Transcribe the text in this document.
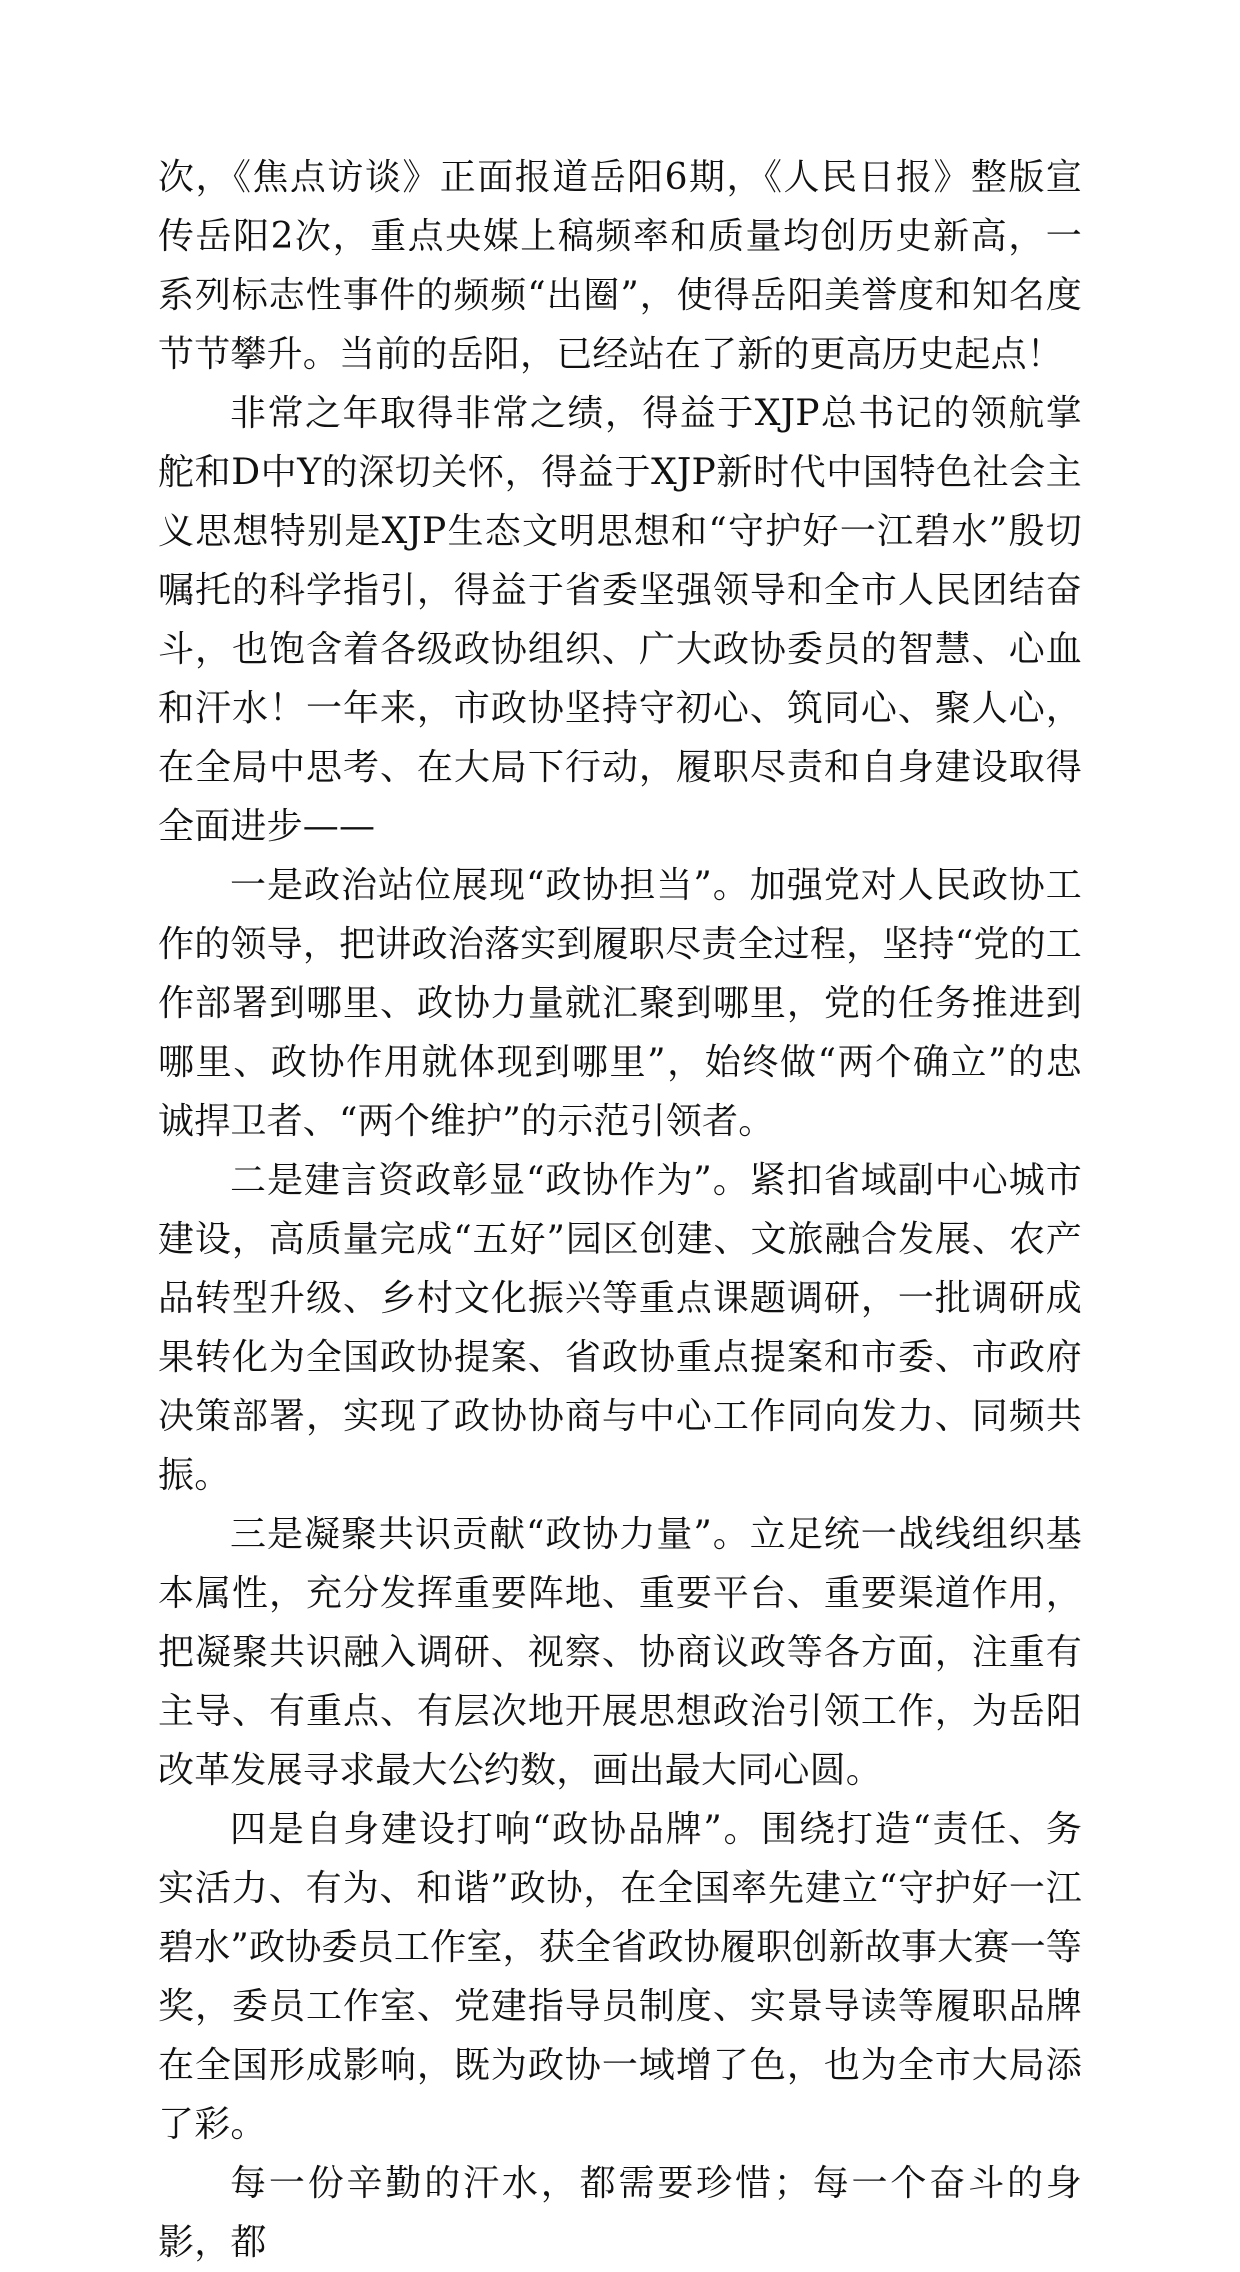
次，《焦点访谈》正面报道岳阳6期，《人民日报》整版宣传岳阳2次，重点央媒上稿频率和质量均创历史新高，一系列标志性事件的频频“出圈”，使得岳阳美誉度和知名度节节攀升。当前的岳阳，已经站在了新的更高历史起点！

非常之年取得非常之绩，得益于XJP总书记的领航掌舵和D中Y的深切关怀，得益于XJP新时代中国特色社会主义思想特别是XJP生态文明思想和“守护好一江碧水”殷切嘱托的科学指引，得益于省委坚强领导和全市人民团结奋斗，也饱含着各级政协组织、广大政协委员的智慧、心血和汗水！一年来，市政协坚持守初心、筑同心、聚人心，在全局中思考、在大局下行动，履职尽责和自身建设取得全面进步——

一是政治站位展现“政协担当”。加强党对人民政协工作的领导，把讲政治落实到履职尽责全过程，坚持“党的工作部署到哪里、政协力量就汇聚到哪里，党的任务推进到哪里、政协作用就体现到哪里”，始终做“两个确立”的忠诚捍卫者、“两个维护”的示范引领者。

二是建言资政彰显“政协作为”。紧扣省域副中心城市建设，高质量完成“五好”园区创建、文旅融合发展、农产品转型升级、乡村文化振兴等重点课题调研，一批调研成果转化为全国政协提案、省政协重点提案和市委、市政府决策部署，实现了政协协商与中心工作同向发力、同频共振。

三是凝聚共识贡献“政协力量”。立足统一战线组织基本属性，充分发挥重要阵地、重要平台、重要渠道作用，把凝聚共识融入调研、视察、协商议政等各方面，注重有主导、有重点、有层次地开展思想政治引领工作，为岳阳改革发展寻求最大公约数，画出最大同心圆。

四是自身建设打响“政协品牌”。围绕打造“责任、务实活力、有为、和谐”政协，在全国率先建立“守护好一江碧水”政协委员工作室，获全省政协履职创新故事大赛一等奖，委员工作室、党建指导员制度、实景导读等履职品牌在全国形成影响，既为政协一域增了色，也为全市大局添了彩。

每一份辛勤的汗水，都需要珍惜；每一个奋斗的身影，都
